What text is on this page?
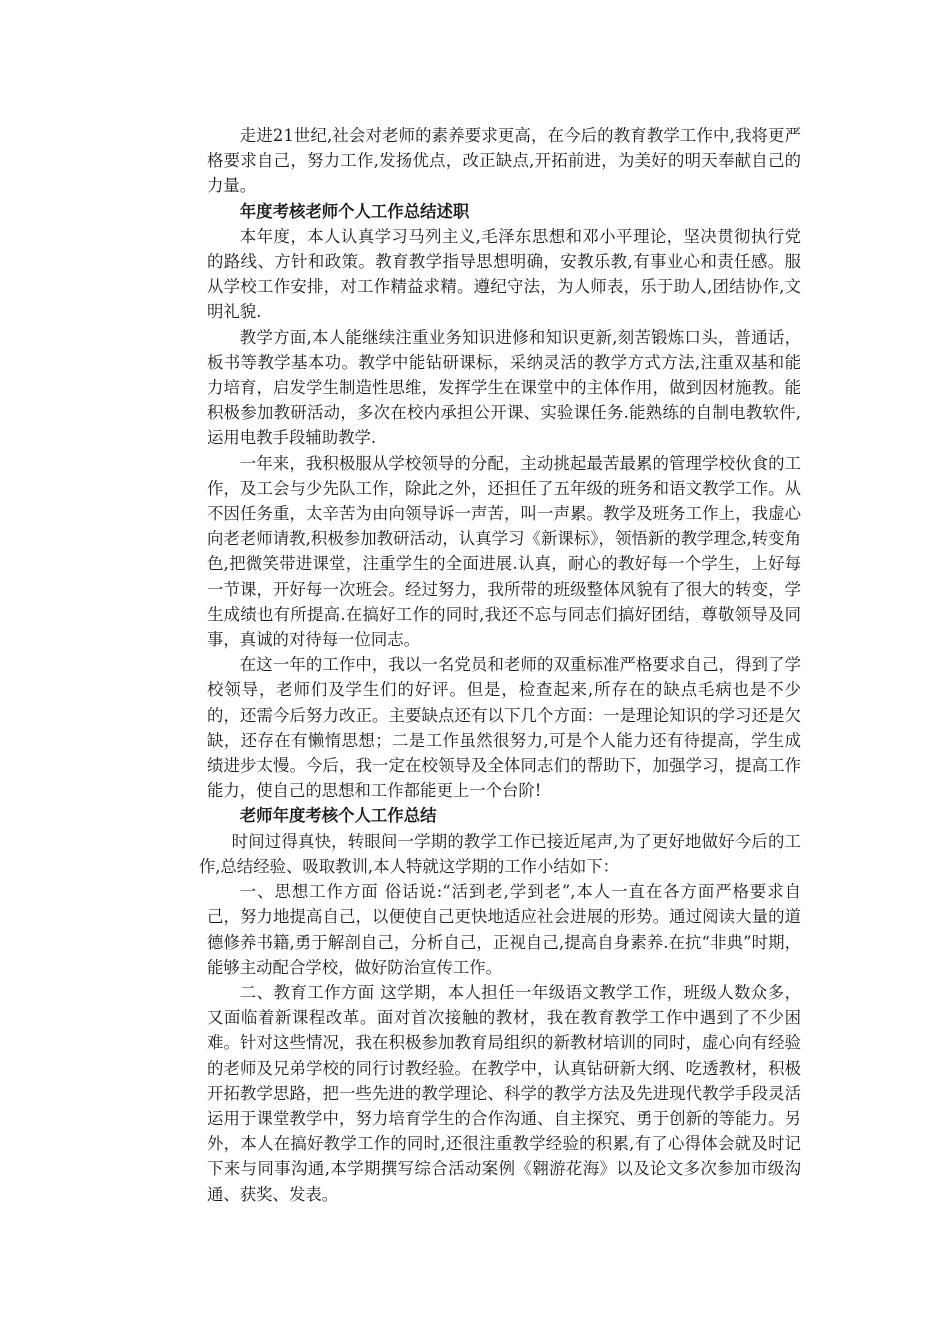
走进21世纪,社会对老师的素养要求更高，在今后的教育教学工作中,我将更严格要求自己，努力工作,发扬优点，改正缺点,开拓前进，为美好的明天奉献自己的力量。

年度考核老师个人工作总结述职

本年度，本人认真学习马列主义,毛泽东思想和邓小平理论，坚决贯彻执行党的路线、方针和政策。教育教学指导思想明确，安教乐教,有事业心和责任感。服从学校工作安排，对工作精益求精。遵纪守法，为人师表，乐于助人,团结协作,文明礼貌.

教学方面,本人能继续注重业务知识进修和知识更新,刻苦锻炼口头，普通话，板书等教学基本功。教学中能钻研课标，采纳灵活的教学方式方法,注重双基和能力培育，启发学生制造性思维，发挥学生在课堂中的主体作用，做到因材施教。能积极参加教研活动，多次在校内承担公开课、实验课任务.能熟练的自制电教软件,运用电教手段辅助教学.

一年来，我积极服从学校领导的分配，主动挑起最苦最累的管理学校伙食的工作，及工会与少先队工作，除此之外，还担任了五年级的班务和语文教学工作。从不因任务重，太辛苦为由向领导诉一声苦，叫一声累。教学及班务工作上，我虚心向老老师请教,积极参加教研活动，认真学习《新课标》，领悟新的教学理念,转变角色,把微笑带进课堂，注重学生的全面进展.认真，耐心的教好每一个学生，上好每一节课，开好每一次班会。经过努力，我所带的班级整体风貌有了很大的转变，学生成绩也有所提高.在搞好工作的同时,我还不忘与同志们搞好团结，尊敬领导及同事，真诚的对待每一位同志。

在这一年的工作中，我以一名党员和老师的双重标准严格要求自己，得到了学校领导，老师们及学生们的好评。但是，检查起来,所存在的缺点毛病也是不少的，还需今后努力改正。主要缺点还有以下几个方面：一是理论知识的学习还是欠缺，还存在有懒惰思想；二是工作虽然很努力,可是个人能力还有待提高，学生成绩进步太慢。今后，我一定在校领导及全体同志们的帮助下，加强学习，提高工作能力，使自己的思想和工作都能更上一个台阶!

老师年度考核个人工作总结

时间过得真快，转眼间一学期的教学工作已接近尾声,为了更好地做好今后的工作,总结经验、吸取教训,本人特就这学期的工作小结如下：

一、思想工作方面 俗话说:“活到老,学到老”,本人一直在各方面严格要求自己，努力地提高自己，以便使自己更快地适应社会进展的形势。通过阅读大量的道德修养书籍,勇于解剖自己，分析自己，正视自己,提高自身素养.在抗“非典”时期，能够主动配合学校，做好防治宣传工作。

二、教育工作方面 这学期，本人担任一年级语文教学工作，班级人数众多，又面临着新课程改革。面对首次接触的教材，我在教育教学工作中遇到了不少困难。针对这些情况，我在积极参加教育局组织的新教材培训的同时，虚心向有经验的老师及兄弟学校的同行讨教经验。在教学中，认真钻研新大纲、吃透教材，积极开拓教学思路，把一些先进的教学理论、科学的教学方法及先进现代教学手段灵活运用于课堂教学中，努力培育学生的合作沟通、自主探究、勇于创新的等能力。另外，本人在搞好教学工作的同时,还很注重教学经验的积累,有了心得体会就及时记下来与同事沟通,本学期撰写综合活动案例《翱游花海》以及论文多次参加市级沟通、获奖、发表。
